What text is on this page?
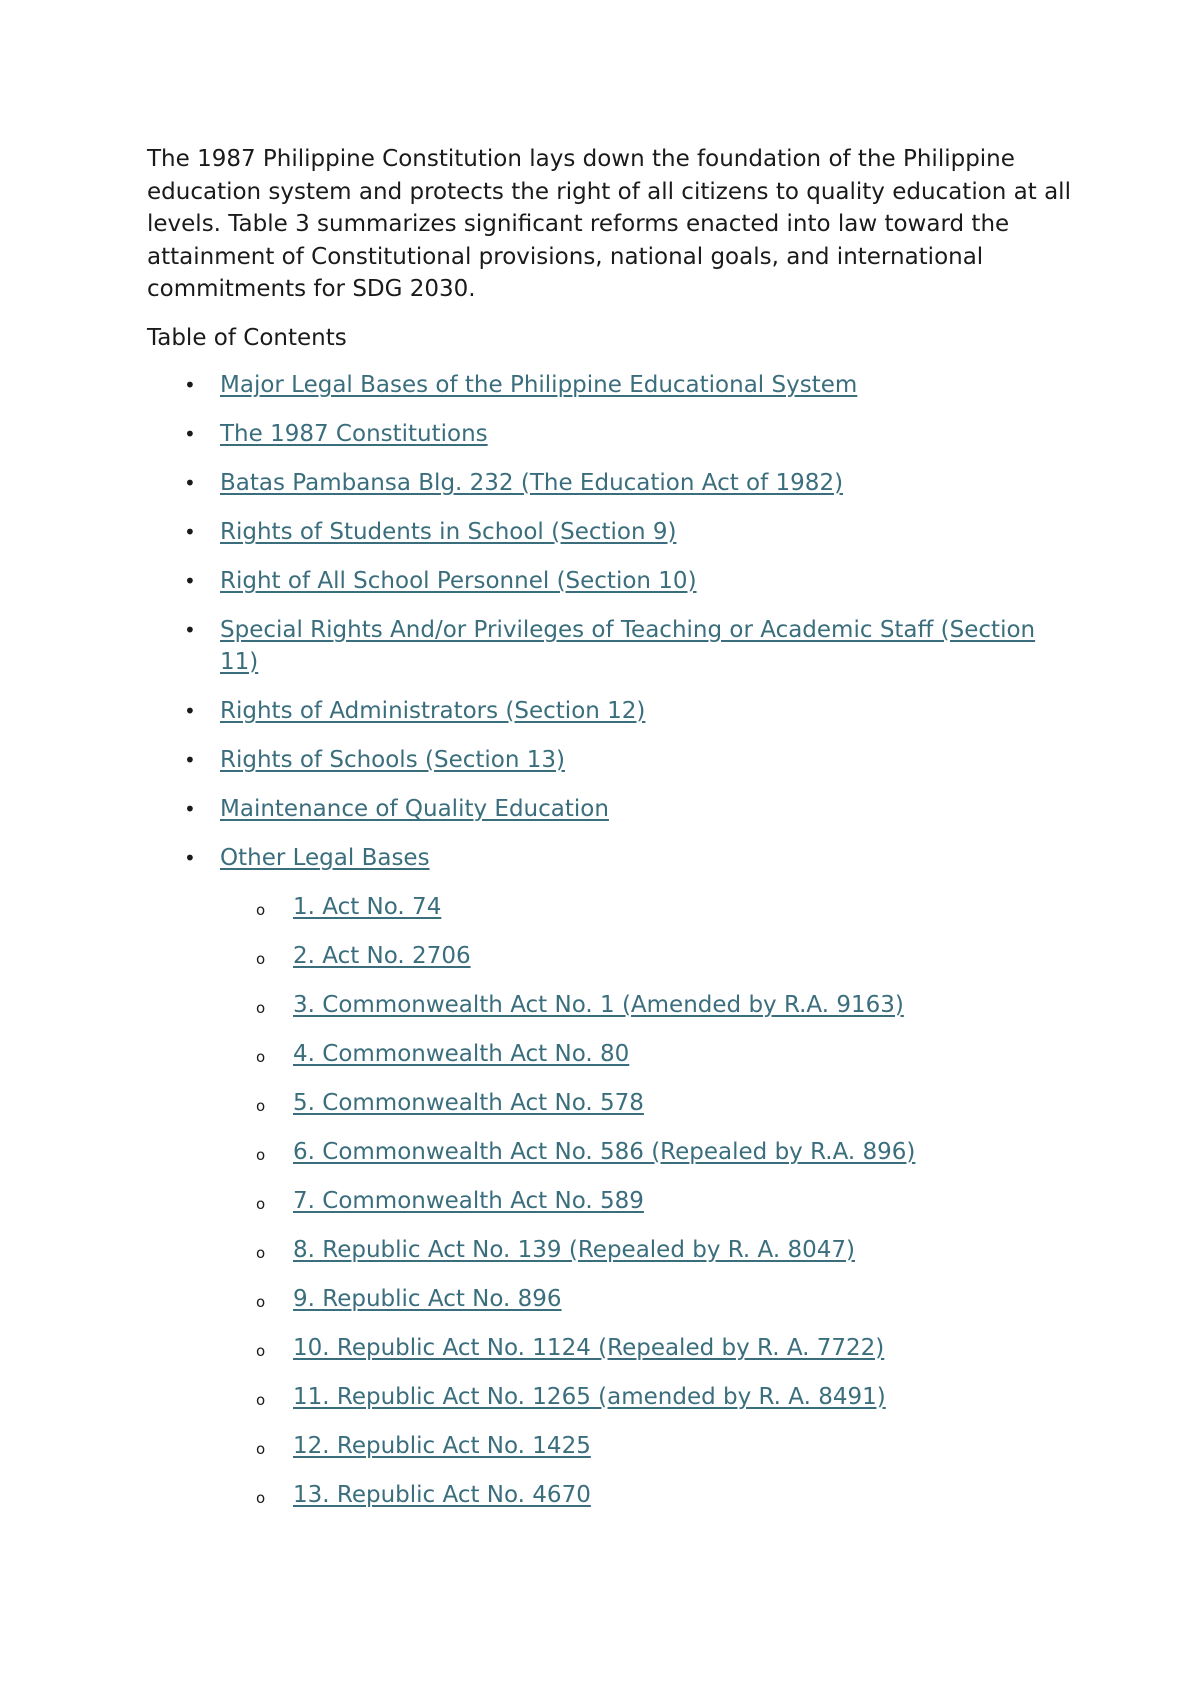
The 1987 Philippine Constitution lays down the foundation of the Philippine education system and protects the right of all citizens to quality education at all levels. Table 3 summarizes significant reforms enacted into law toward the attainment of Constitutional provisions, national goals, and international commitments for SDG 2030.

Table of Contents
• Major Legal Bases of the Philippine Educational System
• The 1987 Constitutions
• Batas Pambansa Blg. 232 (The Education Act of 1982)
• Rights of Students in School (Section 9)
• Right of All School Personnel (Section 10)
• Special Rights And/or Privileges of Teaching or Academic Staff (Section 11)
• Rights of Administrators (Section 12)
• Rights of Schools (Section 13)
• Maintenance of Quality Education
• Other Legal Bases
o 1. Act No. 74
o 2. Act No. 2706
o 3. Commonwealth Act No. 1 (Amended by R.A. 9163)
o 4. Commonwealth Act No. 80
o 5. Commonwealth Act No. 578
o 6. Commonwealth Act No. 586 (Repealed by R.A. 896)
o 7. Commonwealth Act No. 589
o 8. Republic Act No. 139 (Repealed by R. A. 8047)
o 9. Republic Act No. 896
o 10. Republic Act No. 1124 (Repealed by R. A. 7722)
o 11. Republic Act No. 1265 (amended by R. A. 8491)
o 12. Republic Act No. 1425
o 13. Republic Act No. 4670
